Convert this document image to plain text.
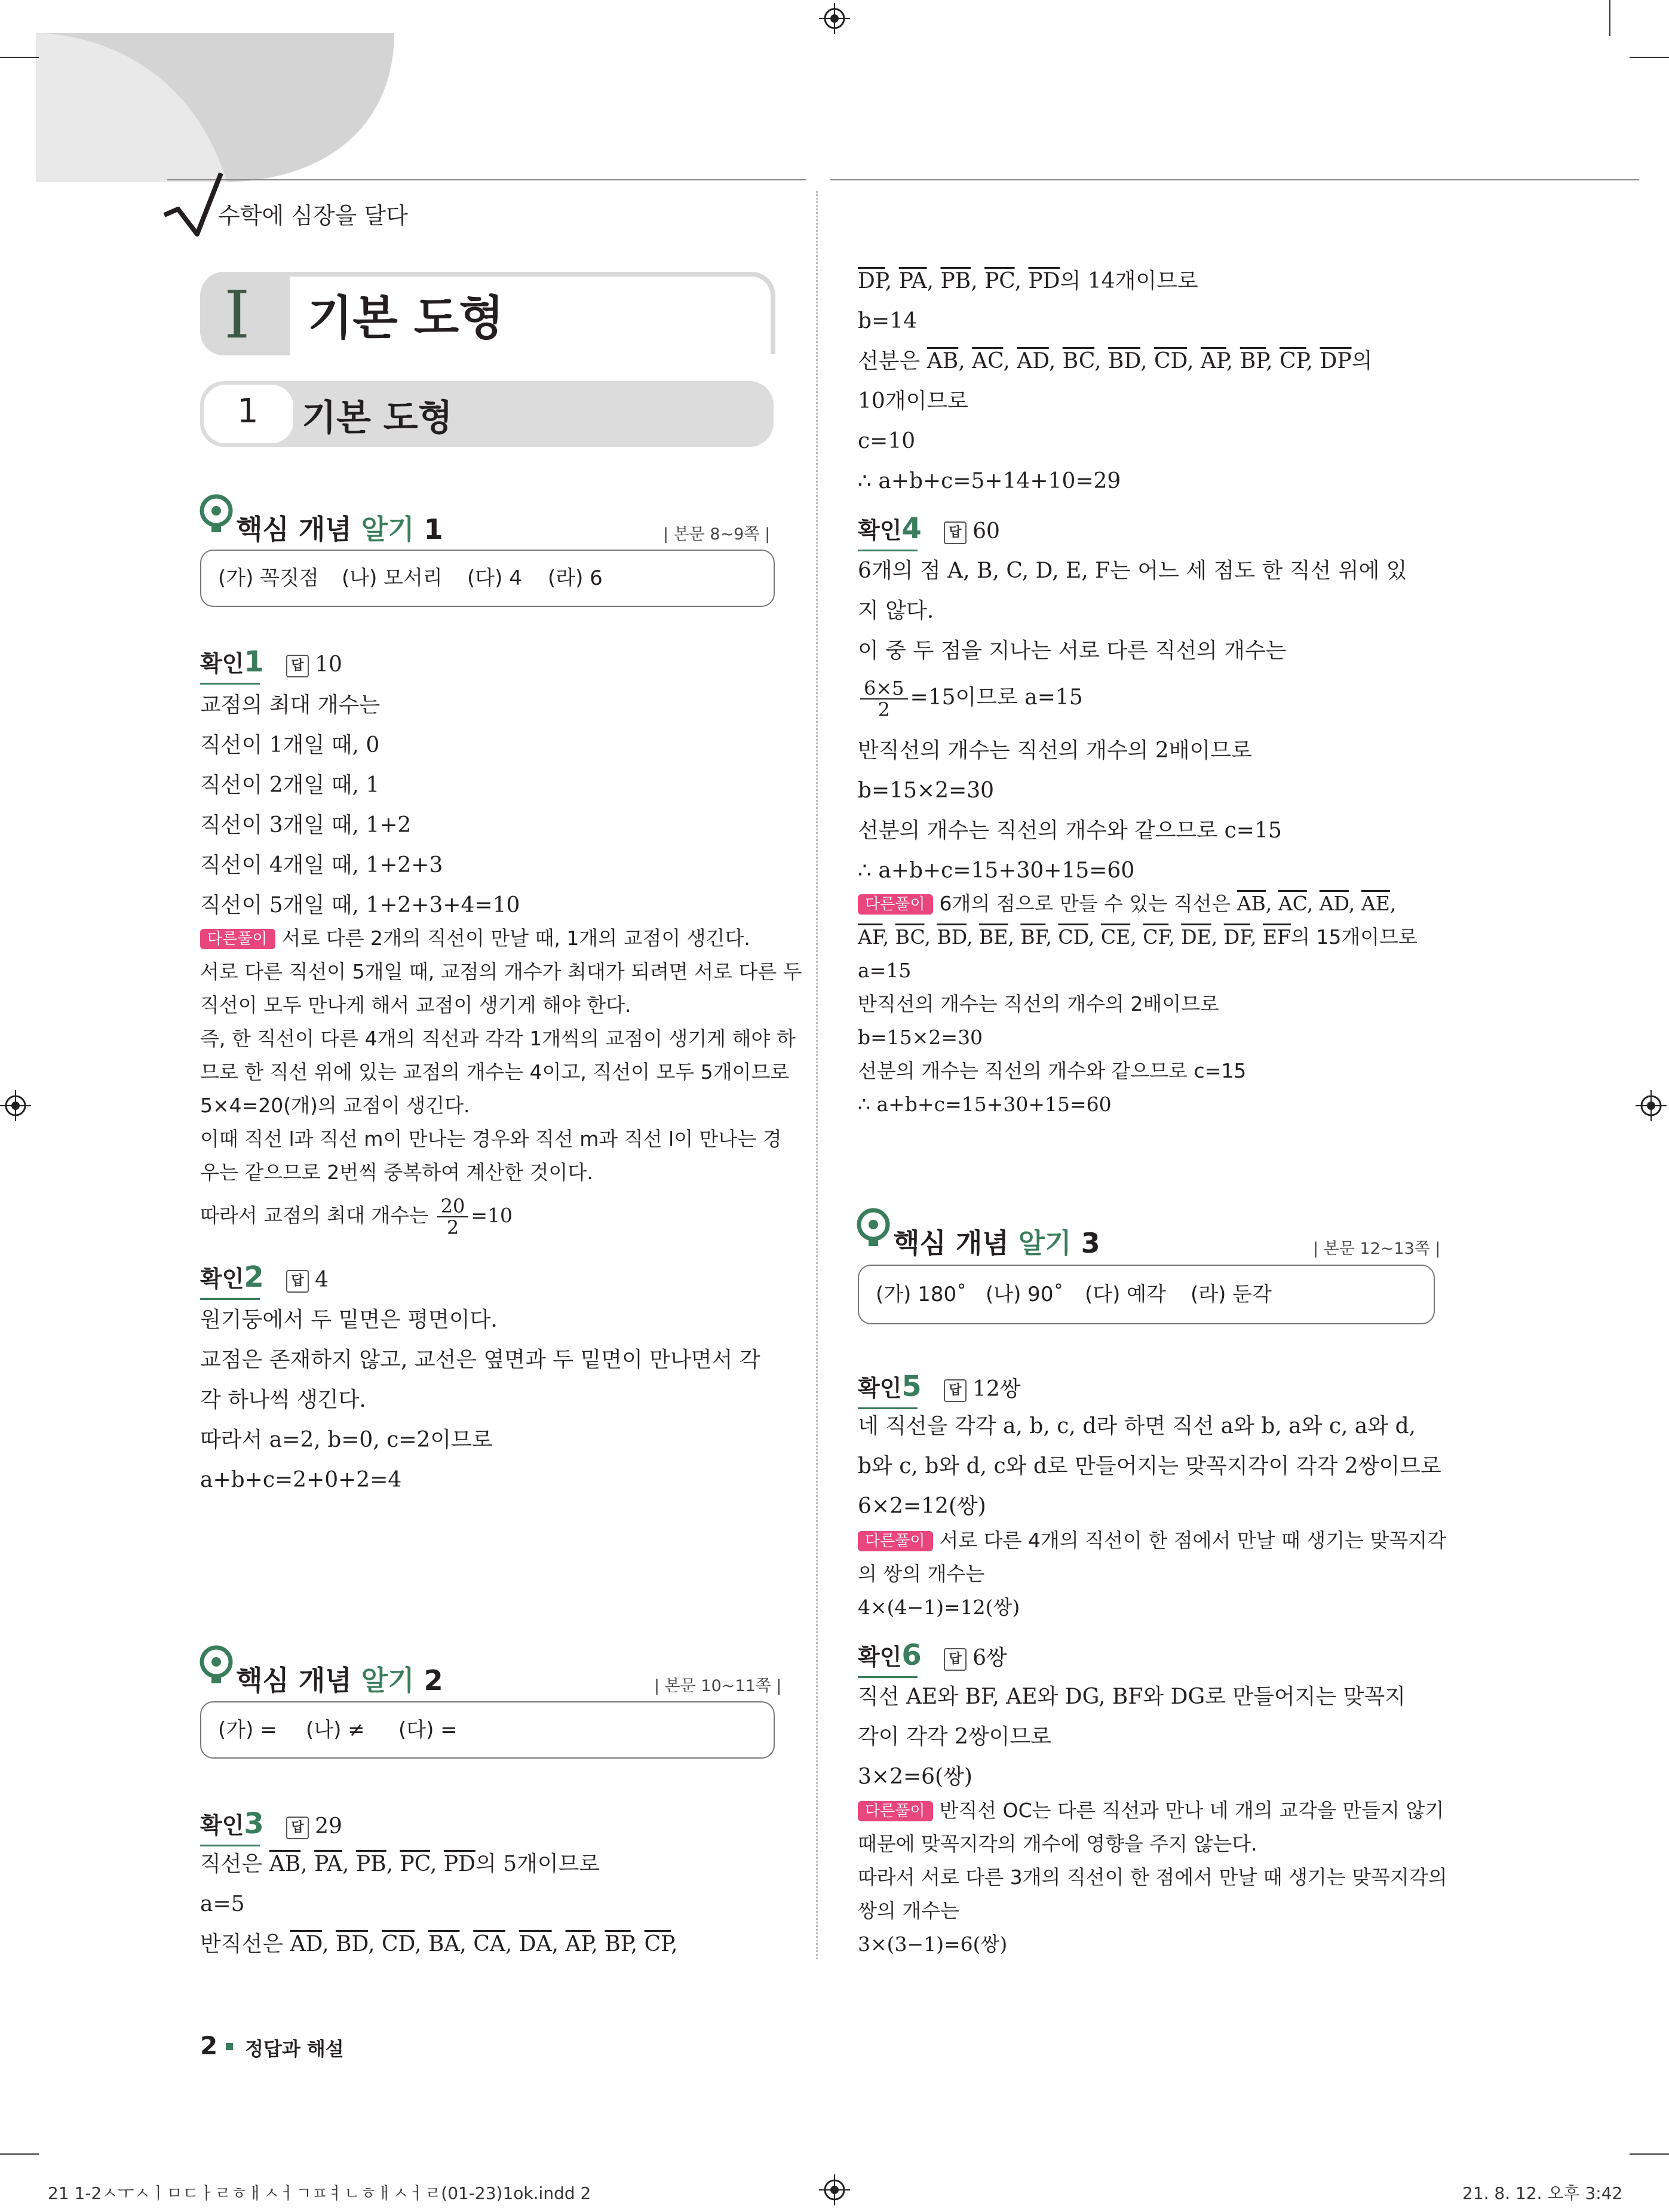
수학에 심장을 달다
I 기본 도형
1 기본 도형
핵심 개념 알기 1	| 본문 8~9쪽 |
(가) 꼭짓점 (나) 모서리 (다) 4 (라) 6
확인1 답 10
교점의 최대 개수는
직선이 1개일 때, 0
직선이 2개일 때, 1
직선이 3개일 때, 1+2
직선이 4개일 때, 1+2+3
직선이 5개일 때, 1+2+3+4=10
다른풀이 서로 다른 2개의 직선이 만날 때, 1개의 교점이 생긴다.
서로 다른 직선이 5개일 때, 교점의 개수가 최대가 되려면 서로 다른 두
직선이 모두 만나게 해서 교점이 생기게 해야 한다.
즉, 한 직선이 다른 4개의 직선과 각각 1개씩의 교점이 생기게 해야 하
므로 한 직선 위에 있는 교점의 개수는 4이고, 직선이 모두 5개이므로
5×4=20(개)의 교점이 생긴다.
이때 직선 l과 직선 m이 만나는 경우와 직선 m과 직선 l이 만나는 경
우는 같으므로 2번씩 중복하여 계산한 것이다.
따라서 교점의 최대 개수는 $\frac{20}{2} =10$
확인2 답 4
원기둥에서 두 밑면은 평면이다.
교점은 존재하지 않고, 교선은 옆면과 두 밑면이 만나면서 각
각 하나씩 생긴다.
따라서 a=2, b=0, c=2이므로
a+b+c=2+0+2=4
핵심 개념 알기 2	| 본문 10~11쪽 |
(가) = (나) ≠ (다) =
확인3 답 29
직선은 $\overline{AB}$, $\overline{PA}$, $\overline{PB}$, $\overline{PC}$, $\overline{PD}$의 5개이므로
a=5
반직선은 $\overline{AD}$, $\overline{BD}$, $\overline{CD}$, $\overline{BA}$, $\overline{CA}$, $\overline{DA}$, $\overline{AP}$, $\overline{BP}$, $\overline{CP}$,
$\overline{DP}$, $\overline{PA}$, $\overline{PB}$, $\overline{PC}$, $\overline{PD}$의 14개이므로
b=14
선분은 $\overline{AB}$, $\overline{AC}$, $\overline{AD}$, $\overline{BC}$, $\overline{BD}$, $\overline{CD}$, $\overline{AP}$, $\overline{BP}$, $\overline{CP}$, $\overline{DP}$의
10개이므로
c=10
∴ a+b+c=5+14+10=29
확인4 답 60
6개의 점 A, B, C, D, E, F는 어느 세 점도 한 직선 위에 있
지 않다.
이 중 두 점을 지나는 서로 다른 직선의 개수는
$\frac{6\times 5}{2} =15$이므로 a=15
반직선의 개수는 직선의 개수의 2배이므로
b=15×2=30
선분의 개수는 직선의 개수와 같으므로 c=15
∴ a+b+c=15+30+15=60
다른풀이 6개의 점으로 만들 수 있는 직선은 $\overline{AB}$, $\overline{AC}$, $\overline{AD}$, $\overline{AE}$,
$\overline{AF}$, $\overline{BC}$, $\overline{BD}$, $\overline{BE}$, $\overline{BF}$, $\overline{CD}$, $\overline{CE}$, $\overline{CF}$, $\overline{DE}$, $\overline{DF}$, $\overline{EF}$의 15개이므로
a=15
반직선의 개수는 직선의 개수의 2배이므로
b=15×2=30
선분의 개수는 직선의 개수와 같으므로 c=15
∴ a+b+c=15+30+15=60
핵심 개념 알기 3	| 본문 12~13쪽 |
(가) 180˚ (나) 90˚ (다) 예각 (라) 둔각
확인5 답 12쌍
네 직선을 각각 a, b, c, d라 하면 직선 a와 b, a와 c, a와 d,
b와 c, b와 d, c와 d로 만들어지는 맞꼭지각이 각각 2쌍이므로
6×2=12(쌍)
다른풀이 서로 다른 4개의 직선이 한 점에서 만날 때 생기는 맞꼭지각
의 쌍의 개수는
4×(4−1)=12(쌍)
확인6 답 6쌍
직선 AE와 BF, AE와 DG, BF와 DG로 만들어지는 맞꼭지
각이 각각 2쌍이므로
3×2=6(쌍)
다른풀이 반직선 OC는 다른 직선과 만나 네 개의 교각을 만들지 않기
때문에 맞꼭지각의 개수에 영향을 주지 않는다.
따라서 서로 다른 3개의 직선이 한 점에서 만날 때 생기는 맞꼭지각의
쌍의 개수는
3×(3−1)=6(쌍)
2 정답과 해설
21 1-2ㅅㅜㅅㅣㅁㄷㅏㄹㅎㅐㅅㅓㄱㅍㅕㄴㅎㅐㅅㅓㄹ(01-23)1ok.indd 2	21. 8. 12. 오후 3:42
